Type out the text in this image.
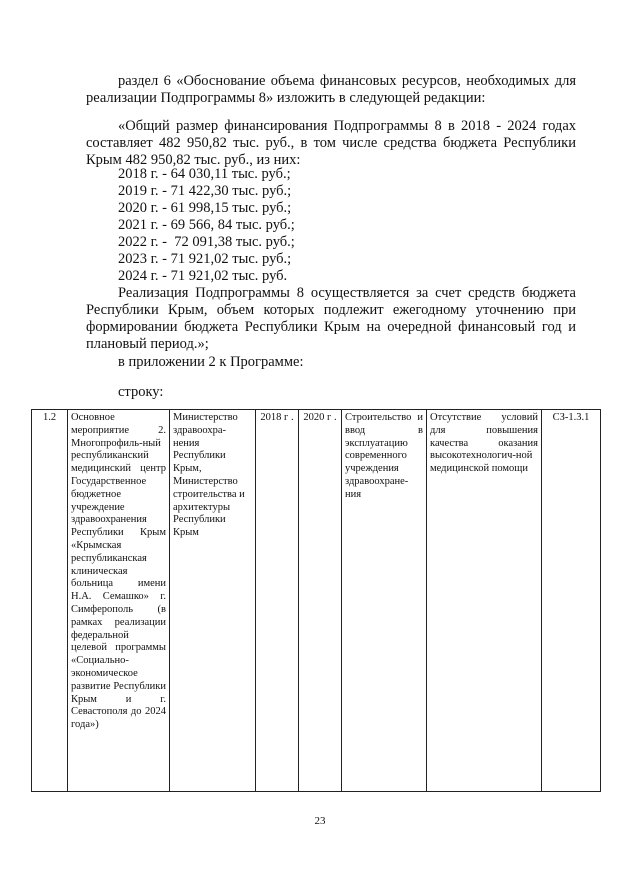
раздел 6 «Обоснование объема финансовых ресурсов, необходимых для

реализации Подпрограммы 8» изложить в следующей редакции:

«Общий размер финансирования Подпрограммы 8 в 2018 - 2024 годах составляет 482 950,82 тыс. руб., в том числе средства бюджета Республики Крым 482 950,82 тыс. руб., из них:

2018 г. - 64 030,11 тыс. руб.;
2019 г. - 71 422,30 тыс. руб.;
2020 г. - 61 998,15 тыс. руб.;
2021 г. - 69 566, 84 тыс. руб.;
2022 г. -  72 091,38 тыс. руб.;
2023 г. - 71 921,02 тыс. руб.;
2024 г. - 71 921,02 тыс. руб.

Реализация Подпрограммы 8 осуществляется за счет средств бюджета Республики Крым, объем которых подлежит ежегодному уточнению при формировании бюджета Республики Крым на очередной финансовый год и плановый период.»;

в приложении 2 к Программе:

строку:

1.2	Основное мероприятие 2. Многопрофиль-ный республиканский медицинский центр Государственное бюджетное учреждение здравоохранения Республики Крым «Крымская республиканская клиническая больница имени Н.А. Семашко» г. Симферополь (в рамках реализации федеральной целевой программы «Социально-экономическое развитие Республики Крым и г. Севастополя до 2024 года»)	Министерство здравоохра-нения Республики Крым, Министерство строительства и архитектуры Республики Крым	2018 г .	2020 г .	Строительство и ввод в эксплуатацию современного учреждения здравоохране-ния	Отсутствие условий для повышения качества оказания высокотехнологич-ной медицинской помощи	СЗ-1.3.1
23
